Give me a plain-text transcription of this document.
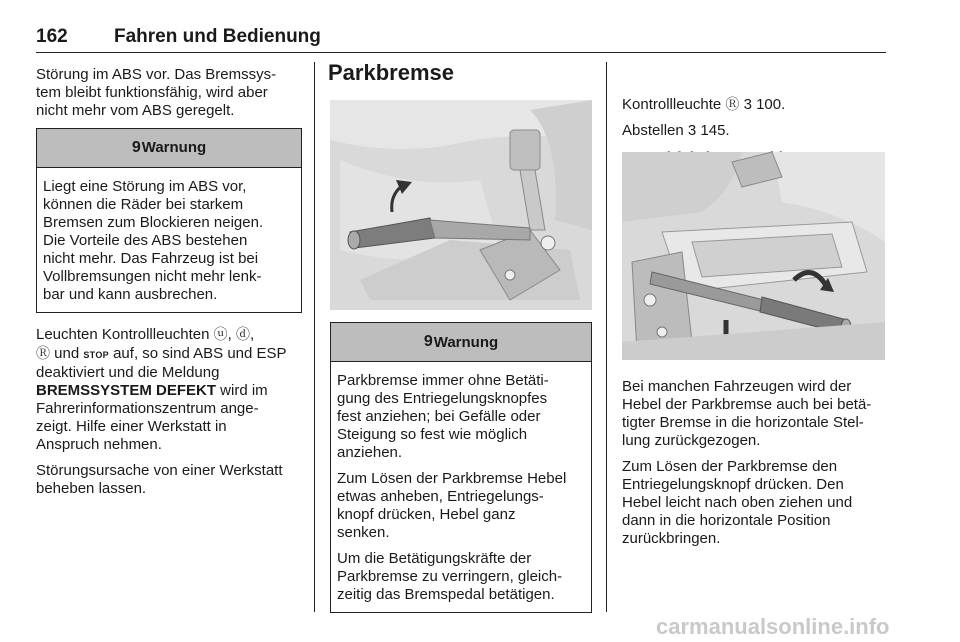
162 Fahren und Bedienung

Störung im ABS vor. Das Bremssys-
tem bleibt funktionsfähig, wird aber
nicht mehr vom ABS geregelt.

9 Warnung
Liegt eine Störung im ABS vor,
können die Räder bei starkem
Bremsen zum Blockieren neigen.
Die Vorteile des ABS bestehen
nicht mehr. Das Fahrzeug ist bei
Vollbremsungen nicht mehr lenk-
bar und kann ausbrechen.

Leuchten Kontrollleuchten ⓤ, ⓓ,
Ⓡ und STOP auf, so sind ABS und ESP
deaktiviert und die Meldung
BREMSSYSTEM DEFEKT wird im
Fahrerinformationszentrum ange-
zeigt. Hilfe einer Werkstatt in
Anspruch nehmen.

Störungsursache von einer Werkstatt
beheben lassen.

Parkbremse
9 Warnung

Parkbremse immer ohne Betäti-
gung des Entriegelungsknopfes
fest anziehen; bei Gefälle oder
Steigung so fest wie möglich
anziehen.

Zum Lösen der Parkbremse Hebel
etwas anheben, Entriegelungs-
knopf drücken, Hebel ganz
senken.

Um die Betätigungskräfte der
Parkbremse zu verringern, gleich-
zeitig das Bremspedal betätigen.

Kontrollleuchte Ⓡ 3 100.

Abstellen 3 145.

Bei manchen Fahrzeugen wird der
Hebel der Parkbremse auch bei betä-
tigter Bremse in die horizontale Stel-
lung zurückgezogen.

Zum Lösen der Parkbremse den
Entriegelungsknopf drücken. Den
Hebel leicht nach oben ziehen und
dann in die horizontale Position
zurückbringen.

carmanualsonline.info
